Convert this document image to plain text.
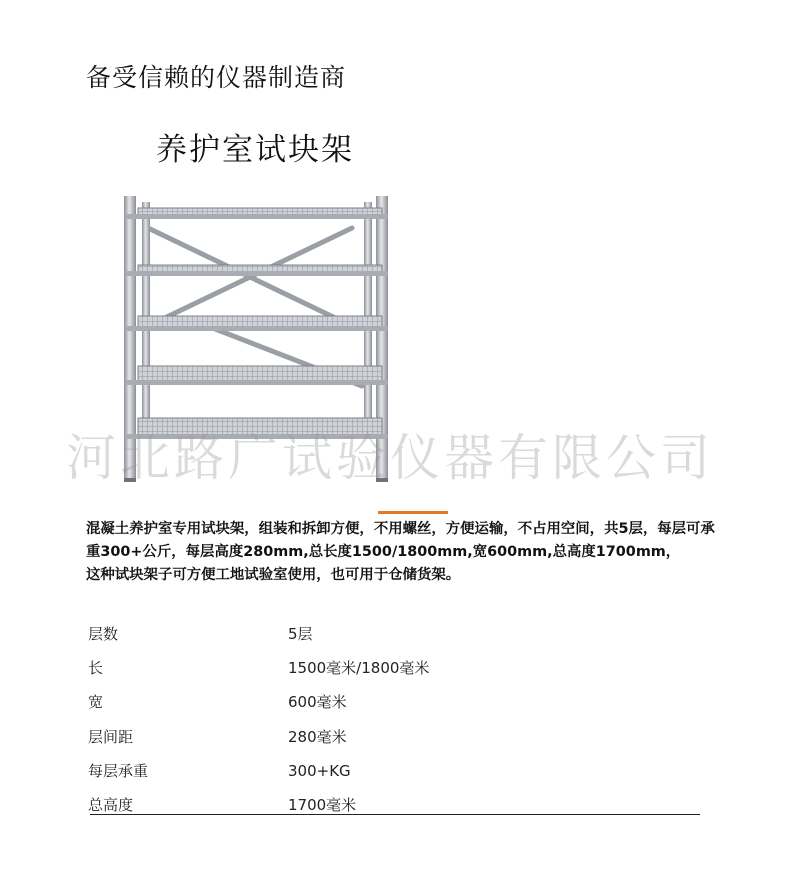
备受信赖的仪器制造商
养护室试块架
河北路广试验仪器有限公司

混凝土养护室专用试块架，组装和拆卸方便，不用螺丝，方便运输，不占用空间，共5层，每层可承重300+公斤，每层高度280mm,总长度1500/1800mm,宽600mm,总高度1700mm，

这种试块架子可方便工地试验室使用，也可用于仓储货架。

层数	5层
长	1500毫米/1800毫米
宽	600毫米
层间距	280毫米
每层承重	300+KG
总高度	1700毫米
